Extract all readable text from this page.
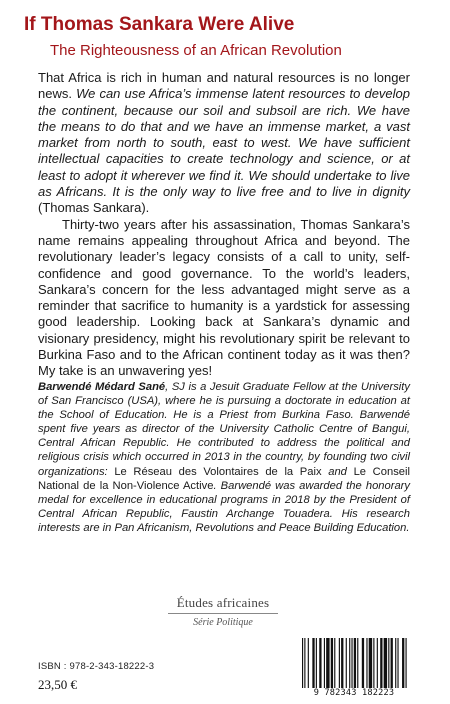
If Thomas Sankara Were Alive
The Righteousness of an African Revolution

That Africa is rich in human and natural resources is no longer news. We can use Africa’s immense latent resources to develop the continent, because our soil and subsoil are rich. We have the means to do that and we have an immense market, a vast market from north to south, east to west. We have sufficient intellectual capacities to create technology and science, or at least to adopt it wherever we find it. We should undertake to live as Africans. It is the only way to live free and to live in dignity (Thomas Sankara).

Thirty-two years after his assassination, Thomas Sankara’s name remains appealing throughout Africa and beyond. The revolutionary leader’s legacy consists of a call to unity, self-confidence and good governance. To the world’s leaders, Sankara’s concern for the less advantaged might serve as a reminder that sacrifice to humanity is a yardstick for assessing good leadership. Looking back at Sankara’s dynamic and visionary presidency, might his revolutionary spirit be relevant to Burkina Faso and to the African continent today as it was then? My take is an unwavering yes!

Barwendé Médard Sané, SJ is a Jesuit Graduate Fellow at the University of San Francisco (USA), where he is pursuing a doctorate in education at the School of Education. He is a Priest from Burkina Faso. Barwendé spent five years as director of the University Catholic Centre of Bangui, Central African Republic. He contributed to address the political and religious crisis which occurred in 2013 in the country, by founding two civil organizations: Le Réseau des Volontaires de la Paix and Le Conseil National de la Non-Violence Active. Barwendé was awarded the honorary medal for excellence in educational programs in 2018 by the President of Central African Republic, Faustin Archange Touadera. His research interests are in Pan Africanism, Revolutions and Peace Building Education.

Études africaines
Série Politique
ISBN : 978-2-343-18222-3
23,50 €
9 782343 182223
